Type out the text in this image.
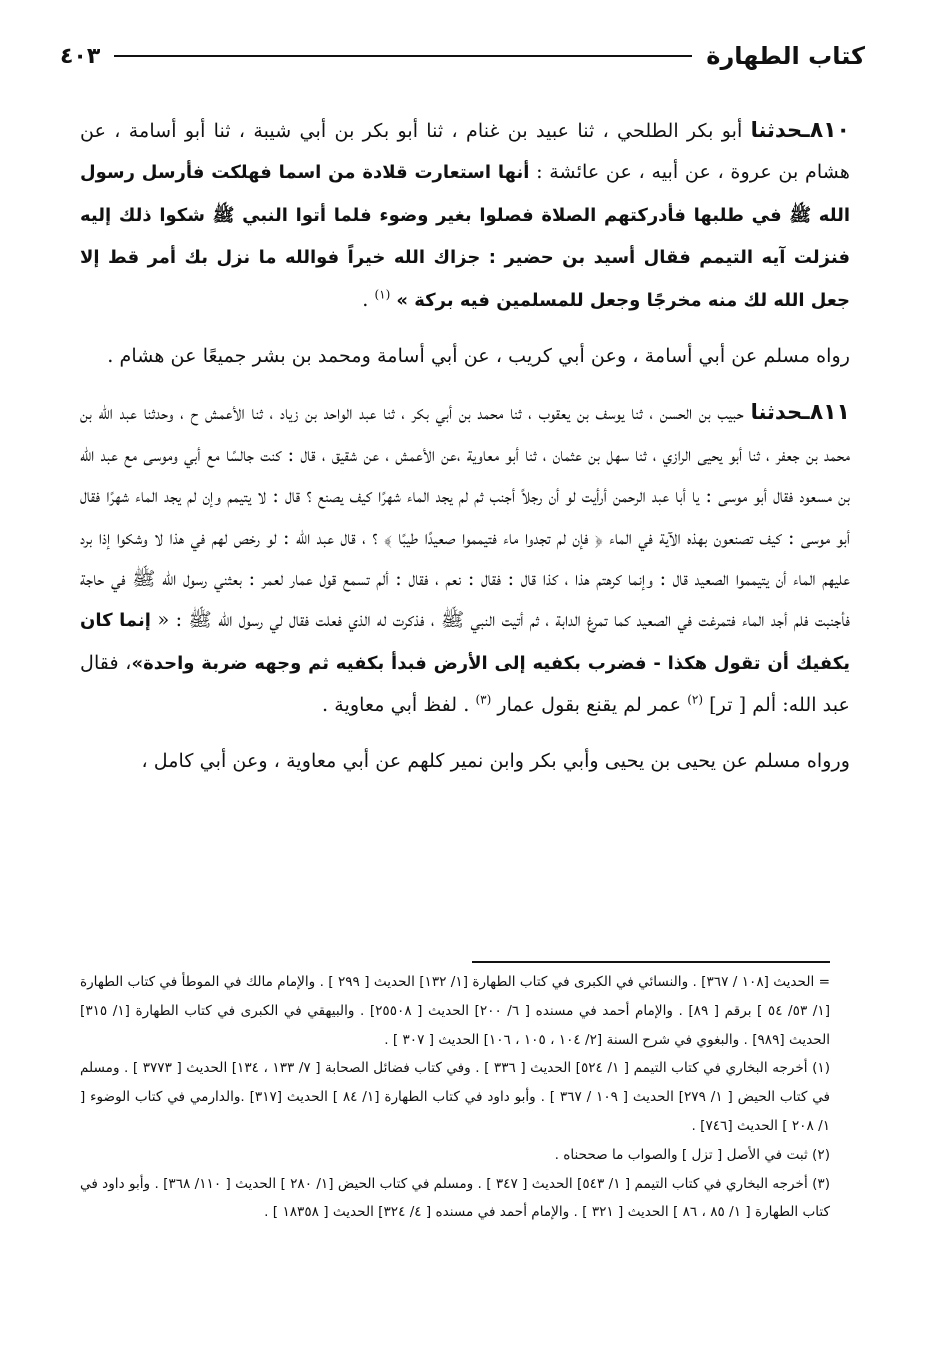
كتاب الطهارة
٤٠٣

٨١٠ـحدثنا أبو بكر الطلحي ، ثنا عبيد بن غنام ، ثنا أبو بكر بن أبي شيبة ، ثنا أبو أسامة ، عن هشام بن عروة ، عن أبيه ، عن عائشة : أنها استعارت قلادة من اسما فهلكت فأرسل رسول الله ﷺ في طلبها فأدركتهم الصلاة فصلوا بغير وضوء فلما أتوا النبي ﷺ شكوا ذلك إليه فنزلت آيه التيمم فقال أسيد بن حضير : جزاك الله خيراً فوالله ما نزل بك أمر قط إلا جعل الله لك منه مخرجًا وجعل للمسلمين فيه بركة » $^{(١)}$ .

رواه مسلم عن أبي أسامة ، وعن أبي كريب ، عن أبي أسامة ومحمد بن بشر جميعًا عن هشام .

٨١١ـحدثنا حبيب بن الحسن ، ثنا يوسف بن يعقوب ، ثنا محمد بن أبي بكر ، ثنا عبد الواحد بن زياد ، ثنا الأعمش ح ، وحدثنا عبد الله بن محمد بن جعفر ، ثنا أبو يحيى الرازي ، ثنا سهل بن عثمان ، ثنا أبو معاوية ،عن الأعمش ، عن شقيق ، قال : كنت جالسًا مع أبي وموسى مع عبد الله بن مسعود فقال أبو موسى : يا أبا عبد الرحمن أرأيت لو أن رجلاً أجنب ثم لم يجد الماء شهرًا كيف يصنع ؟ قال : لا يتيمم وإن لم يجد الماء شهرًا فقال أبو موسى : كيف تصنعون بهذه الآية في الماء ﴿ فإن لم تجدوا ماء فتيمموا صعيدًا طيبًا ﴾ ؟ ، قال عبد الله : لو رخص لهم في هذا لا وشكوا إذا برد عليهم الماء أن يتيمموا الصعيد قال : وإنما كرهتم هذا ، كذا قال : فقال : نعم ، فقال : ألم تسمع قول عمار لعمر : بعثني رسول الله ﷺ في حاجة فأجنبت فلم أجد الماء فتمرغت في الصعيد كما تمرغ الدابة ، ثم أتيت النبي ﷺ ، فذكرت له الذي فعلت فقال لي رسول الله ﷺ : « إنما كان يكفيك أن تقول هكذا - فضرب بكفيه إلى الأرض فبدأ بكفيه ثم وجهه ضربة واحدة»، فقال عبد الله: ألم [ تر] $^{(٢)}$ عمر لم يقنع بقول عمار $^{(٣)}$ . لفظ أبي معاوية .

ورواه مسلم عن يحيى بن يحيى وأبي بكر وابن نمير كلهم عن أبي معاوية ، وعن أبي كامل ،

= الحديث [١٠٨ / ٣٦٧] . والنسائي في الكبرى في كتاب الطهارة [١/ ١٣٢] الحديث [ ٢٩٩ ] . والإمام مالك في الموطأ في كتاب الطهارة [١/ ٥٣/ ٥٤ ] برقم [ ٨٩] . والإمام أحمد في مسنده [ ٦/ ٢٠٠] الحديث [ ٢٥٥٠٨] . والبيهقي في الكبرى في كتاب الطهارة [١/ ٣١٥] الحديث [٩٨٩] . والبغوي في شرح السنة [٢/ ١٠٤ ، ١٠٥ ، ١٠٦] الحديث [ ٣٠٧ ] .

(١) أخرجه البخاري في كتاب التيمم [ ١/ ٥٢٤] الحديث [ ٣٣٦ ] . وفي كتاب فضائل الصحابة [ ٧/ ١٣٣ ، ١٣٤] الحديث [ ٣٧٧٣ ] . ومسلم في كتاب الحيض [ ١/ ٢٧٩] الحديث [ ١٠٩ / ٣٦٧ ] . وأبو داود في كتاب الطهارة [١/ ٨٤ ] الحديث [٣١٧] .والدارمي في كتاب الوضوء [ ١/ ٢٠٨ ] الحديث [٧٤٦] .

(٢) ثبت في الأصل [ تزل ] والصواب ما صححناه .

(٣) أخرجه البخاري في كتاب التيمم [ ١/ ٥٤٣] الحديث [ ٣٤٧ ] . ومسلم في كتاب الحيض [١/ ٢٨٠ ] الحديث [ ١١٠/ ٣٦٨] . وأبو داود في كتاب الطهارة [ ١/ ٨٥ ، ٨٦ ] الحديث [ ٣٢١ ] . والإمام أحمد في مسنده [ ٤/ ٣٢٤] الحديث [ ١٨٣٥٨ ] .
